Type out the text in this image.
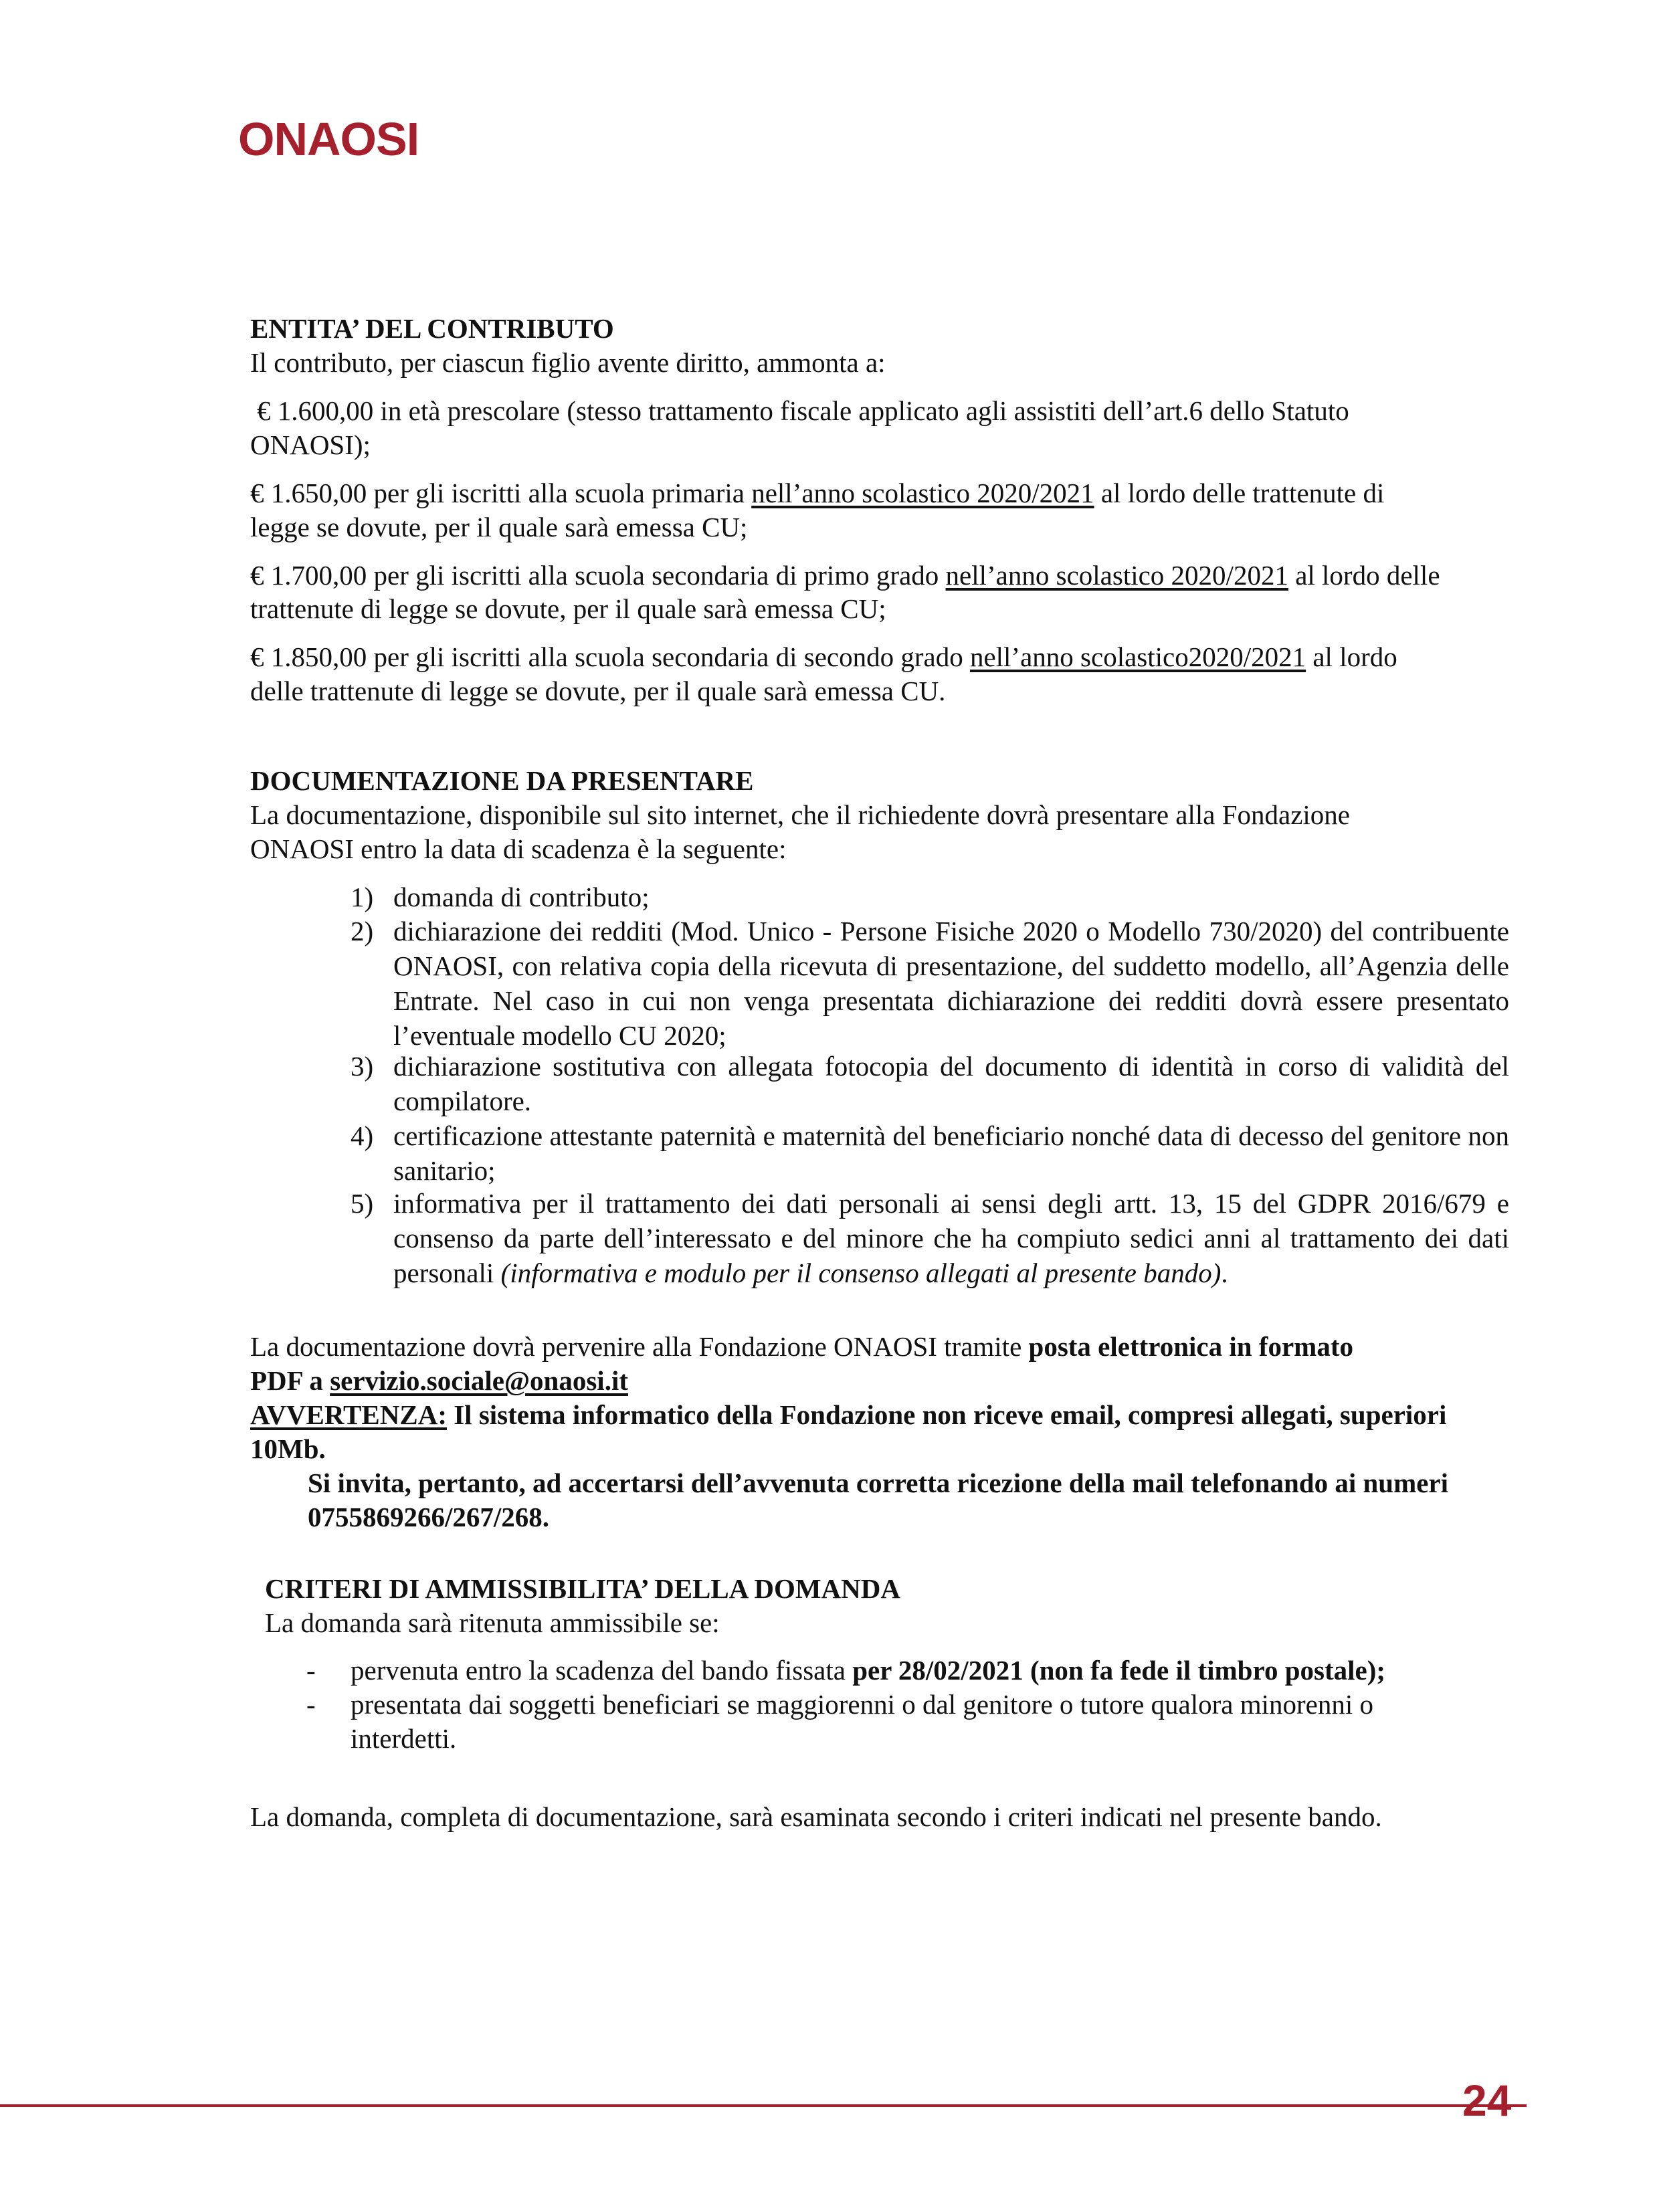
ONAOSI
ENTITA’ DEL CONTRIBUTO
Il contributo, per ciascun figlio avente diritto, ammonta a:
€ 1.600,00 in età prescolare (stesso trattamento fiscale applicato agli assistiti dell’art.6 dello Statuto
ONAOSI);
€ 1.650,00 per gli iscritti alla scuola primaria nell’anno scolastico 2020/2021 al lordo delle trattenute di
legge se dovute, per il quale sarà emessa CU;
€ 1.700,00 per gli iscritti alla scuola secondaria di primo grado nell’anno scolastico 2020/2021 al lordo delle
trattenute di legge se dovute, per il quale sarà emessa CU;
€ 1.850,00 per gli iscritti alla scuola secondaria di secondo grado nell’anno scolastico2020/2021 al lordo
delle trattenute di legge se dovute, per il quale sarà emessa CU.
DOCUMENTAZIONE DA PRESENTARE
La documentazione, disponibile sul sito internet, che il richiedente dovrà presentare alla Fondazione
ONAOSI entro la data di scadenza è la seguente:
1) domanda di contributo;
2) dichiarazione dei redditi (Mod. Unico - Persone Fisiche 2020 o Modello 730/2020) del contribuente ONAOSI, con relativa copia della ricevuta di presentazione, del suddetto modello, all’Agenzia delle Entrate. Nel caso in cui non venga presentata dichiarazione dei redditi dovrà essere presentato l’eventuale modello CU 2020;
3) dichiarazione sostitutiva con allegata fotocopia del documento di identità in corso di validità del compilatore.
4) certificazione attestante paternità e maternità del beneficiario nonché data di decesso del genitore non sanitario;
5) informativa per il trattamento dei dati personali ai sensi degli artt. 13, 15 del GDPR 2016/679 e consenso da parte dell’interessato e del minore che ha compiuto sedici anni al trattamento dei dati personali (informativa e modulo per il consenso allegati al presente bando).
La documentazione dovrà pervenire alla Fondazione ONAOSI tramite posta elettronica in formato
PDF a servizio.sociale@onaosi.it
AVVERTENZA: Il sistema informatico della Fondazione non riceve email, compresi allegati, superiori
10Mb.
Si invita, pertanto, ad accertarsi dell’avvenuta corretta ricezione della mail telefonando ai numeri
0755869266/267/268.
CRITERI DI AMMISSIBILITA’ DELLA DOMANDA
La domanda sarà ritenuta ammissibile se:
- pervenuta entro la scadenza del bando fissata per 28/02/2021 (non fa fede il timbro postale);
- presentata dai soggetti beneficiari se maggiorenni o dal genitore o tutore qualora minorenni o
interdetti.
La domanda, completa di documentazione, sarà esaminata secondo i criteri indicati nel presente bando.
24
